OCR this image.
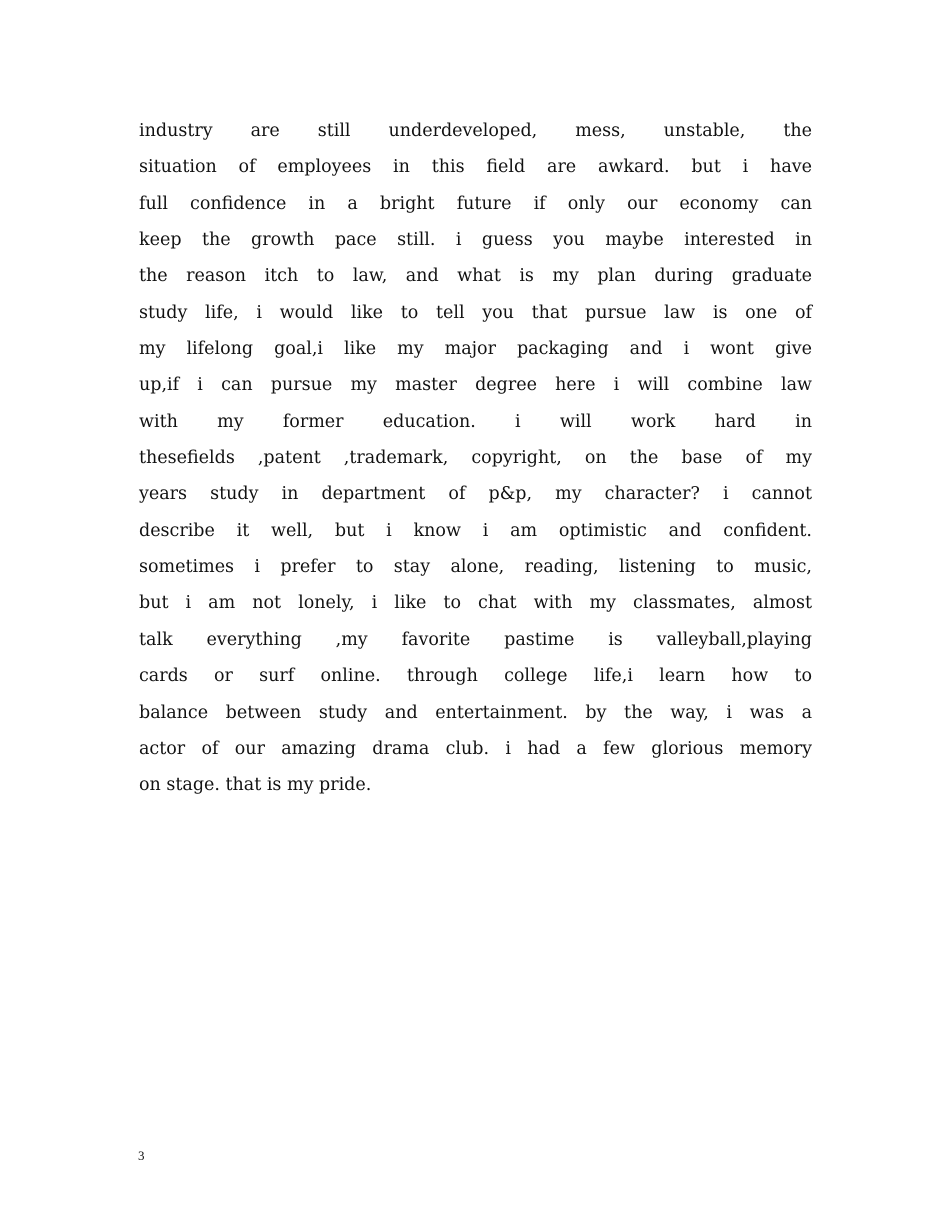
industry are still underdeveloped, mess, unstable, the
situation of employees in this field are awkard. but i have
full confidence in a bright future if only our economy can
keep the growth pace still. i guess you maybe interested in
the reason itch to law, and what is my plan during graduate
study life, i would like to tell you that pursue law is one of
my lifelong goal,i like my major packaging and i wont give
up,if i can pursue my master degree here i will combine law
with my former education. i will work hard in
thesefields ,patent ,trademark, copyright, on the base of my
years study in department of p&p, my character? i cannot
describe it well, but i know i am optimistic and confident.
sometimes i prefer to stay alone, reading, listening to music,
but i am not lonely, i like to chat with my classmates, almost
talk everything ,my favorite pastime is valleyball,playing
cards or surf online. through college life,i learn how to
balance between study and entertainment. by the way, i was a
actor of our amazing drama club. i had a few glorious memory
on stage. that is my pride.
3
